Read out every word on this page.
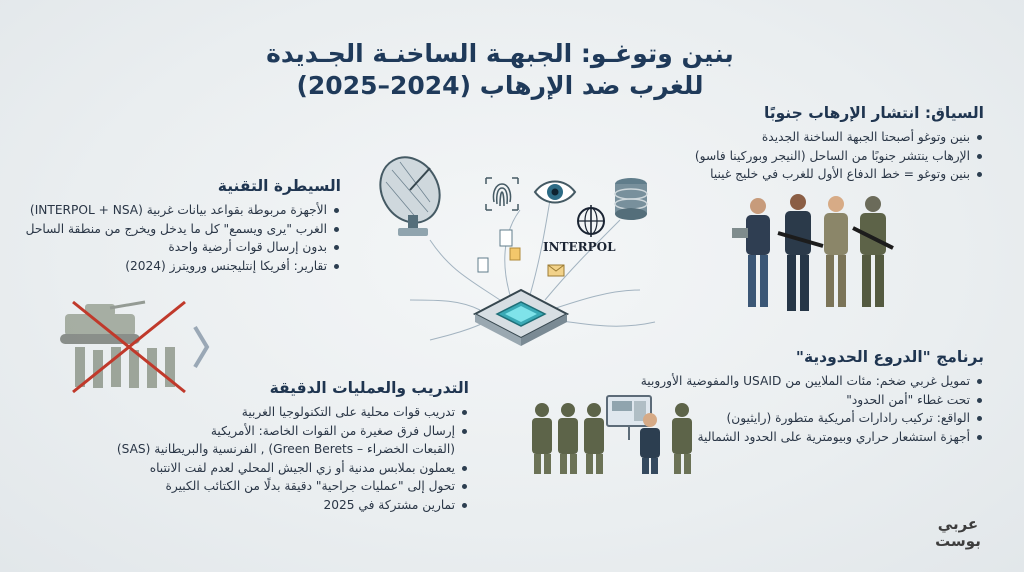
بنين وتوغـو: الجبهـة الساخنـة الجـديدة
للغرب ضد الإرهاب (2024–2025)
السياق: انتشار الإرهاب جنوبًا
بنين وتوغو أصبحتا الجبهة الساخنة الجديدة
الإرهاب ينتشر جنوبًا من الساحل (النيجر وبوركينا فاسو)
بنين وتوغو = خط الدفاع الأول للغرب في خليج غينيا
السيطرة التقنية
الأجهزة مربوطة بقواعد بيانات غربية (INTERPOL + NSA)
الغرب "يرى ويسمع" كل ما يدخل ويخرج من منطقة الساحل
بدون إرسال قوات أرضية واحدة
تقارير: أفريكا إنتليجنس ورويترز (2024)
برنامج "الدروع الحدودية"
تمويل غربي ضخم: مئات الملايين من USAID والمفوضية الأوروبية
تحت غطاء "أمن الحدود"
الواقع: تركيب رادارات أمريكية متطورة (رايثيون)
أجهزة استشعار حراري وبيومترية على الحدود الشمالية
التدريب والعمليات الدقيقة
تدريب قوات محلية على التكنولوجيا الغربية
إرسال فرق صغيرة من القوات الخاصة: الأمريكية
(القبعات الخضراء – Green Berets) , الفرنسية والبريطانية (SAS)
يعملون بملابس مدنية أو زي الجيش المحلي لعدم لفت الانتباه
تحول إلى "عمليات جراحية" دقيقة بدلًا من الكتائب الكبيرة
تمارين مشتركة في 2025
INTERPOL
عربي
بوست
